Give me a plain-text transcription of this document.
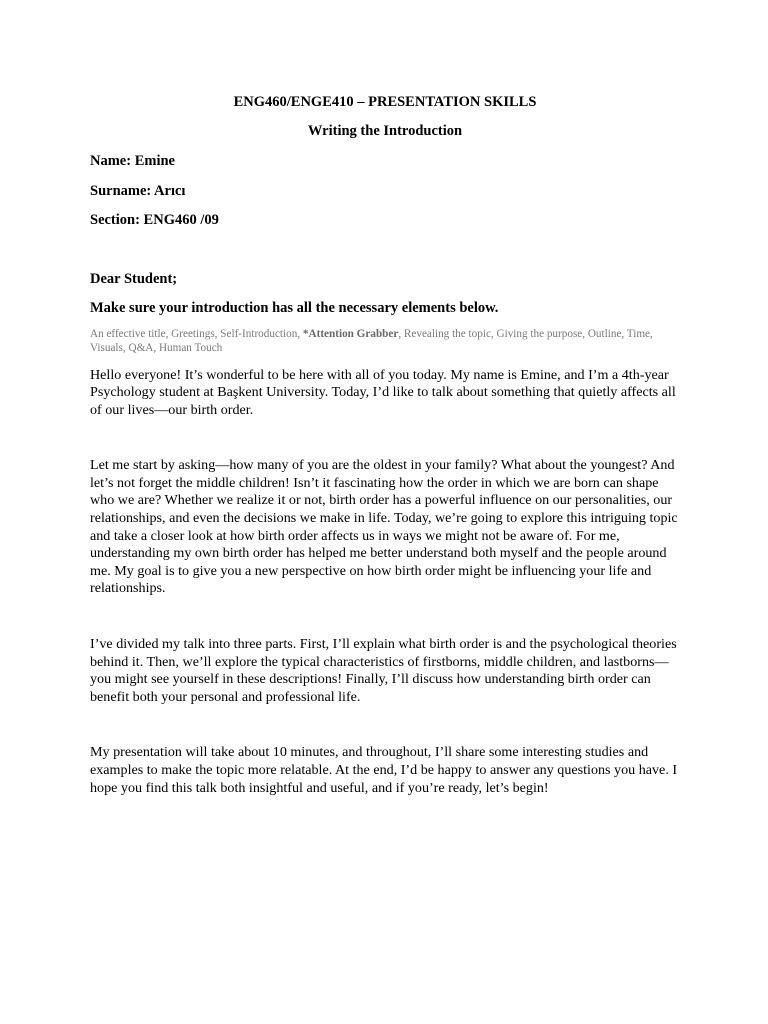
ENG460/ENGE410 – PRESENTATION SKILLS
Writing the Introduction
Name: Emine
Surname: Arıcı
Section: ENG460 /09
Dear Student;
Make sure your introduction has all the necessary elements below.
An effective title, Greetings, Self-Introduction, *Attention Grabber, Revealing the topic, Giving the purpose, Outline, Time, Visuals, Q&A, Human Touch

Hello everyone! It’s wonderful to be here with all of you today. My name is Emine, and I’m a 4th-year Psychology student at Başkent University. Today, I’d like to talk about something that quietly affects all of our lives—our birth order.

Let me start by asking—how many of you are the oldest in your family? What about the youngest? And let’s not forget the middle children! Isn’t it fascinating how the order in which we are born can shape who we are? Whether we realize it or not, birth order has a powerful influence on our personalities, our relationships, and even the decisions we make in life. Today, we’re going to explore this intriguing topic and take a closer look at how birth order affects us in ways we might not be aware of. For me, understanding my own birth order has helped me better understand both myself and the people around me. My goal is to give you a new perspective on how birth order might be influencing your life and relationships.

I’ve divided my talk into three parts. First, I’ll explain what birth order is and the psychological theories behind it. Then, we’ll explore the typical characteristics of firstborns, middle children, and lastborns—you might see yourself in these descriptions! Finally, I’ll discuss how understanding birth order can benefit both your personal and professional life.

My presentation will take about 10 minutes, and throughout, I’ll share some interesting studies and examples to make the topic more relatable. At the end, I’d be happy to answer any questions you have. I hope you find this talk both insightful and useful, and if you’re ready, let’s begin!
